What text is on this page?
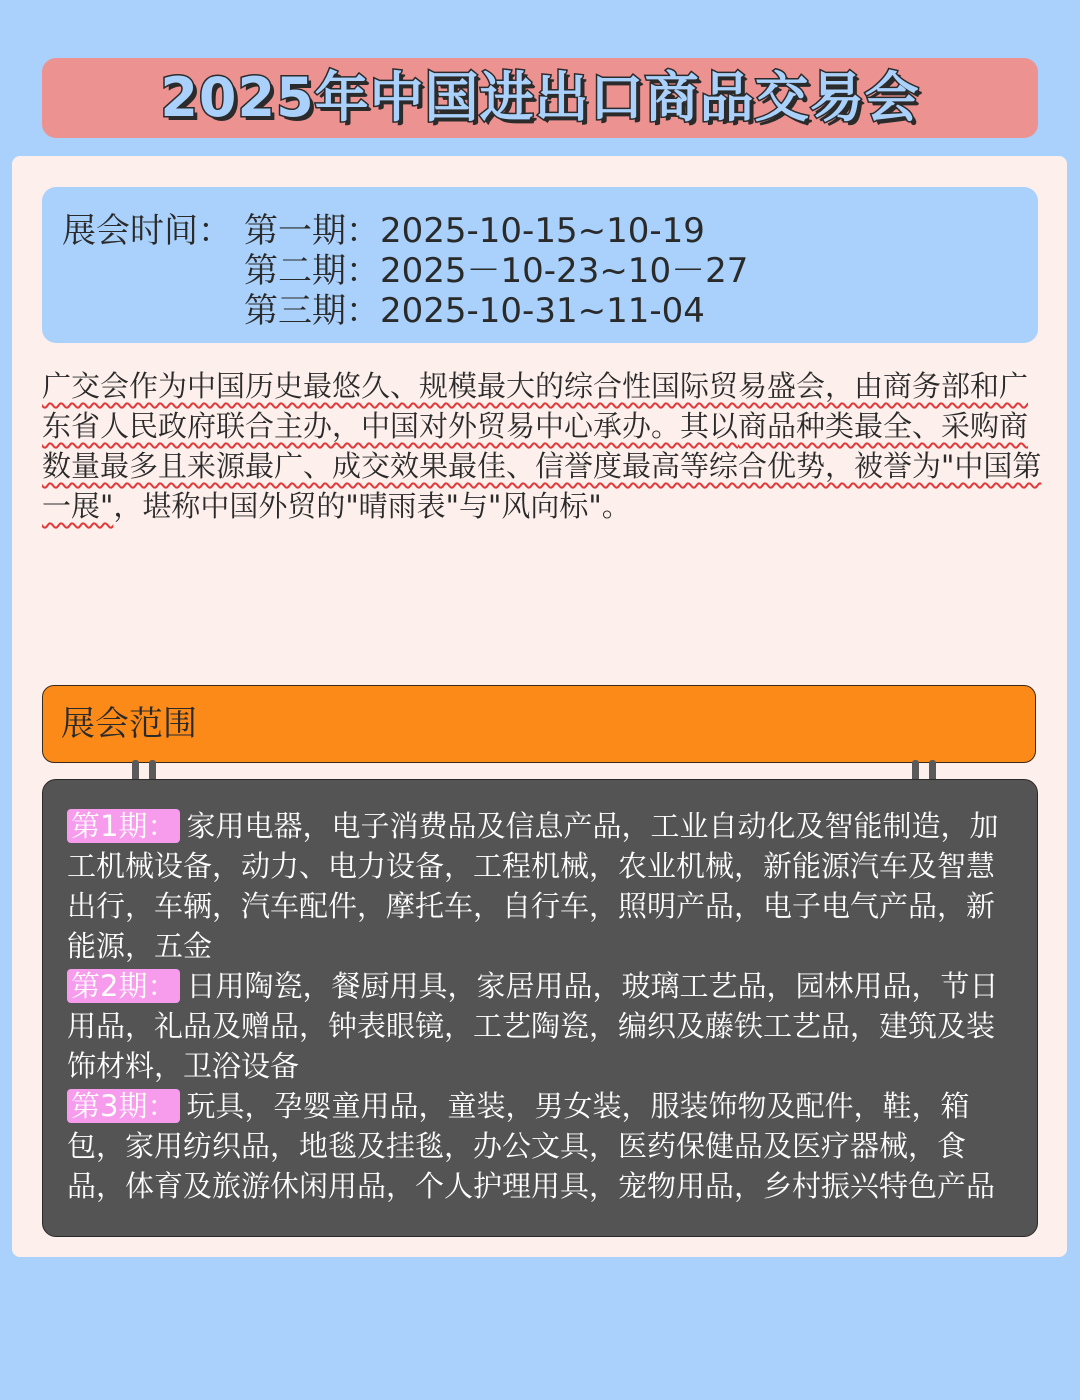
2025年中国进出口商品交易会
展会时间： 第一期：2025-10-15~10-19
第二期：2025－10-23~10－27
第三期：2025-10-31~11-04

广交会作为中国历史最悠久、规模最大的综合性国际贸易盛会，由商务部和广东省人民政府联合主办，中国对外贸易中心承办。其以商品种类最全、采购商数量最多且来源最广、成交效果最佳、信誉度最高等综合优势，被誉为"中国第一展"，堪称中国外贸的"晴雨表"与"风向标"。

展会范围

第1期： 家用电器，电子消费品及信息产品，工业自动化及智能制造，加工机械设备，动力、电力设备，工程机械，农业机械，新能源汽车及智慧出行，车辆，汽车配件，摩托车，自行车，照明产品，电子电气产品，新能源，五金
第2期： 日用陶瓷，餐厨用具，家居用品，玻璃工艺品，园林用品，节日用品，礼品及赠品，钟表眼镜，工艺陶瓷，编织及藤铁工艺品，建筑及装饰材料，卫浴设备
第3期： 玩具，孕婴童用品，童装，男女装，服装饰物及配件，鞋，箱包，家用纺织品，地毯及挂毯，办公文具，医药保健品及医疗器械，食品，体育及旅游休闲用品，个人护理用具，宠物用品，乡村振兴特色产品
